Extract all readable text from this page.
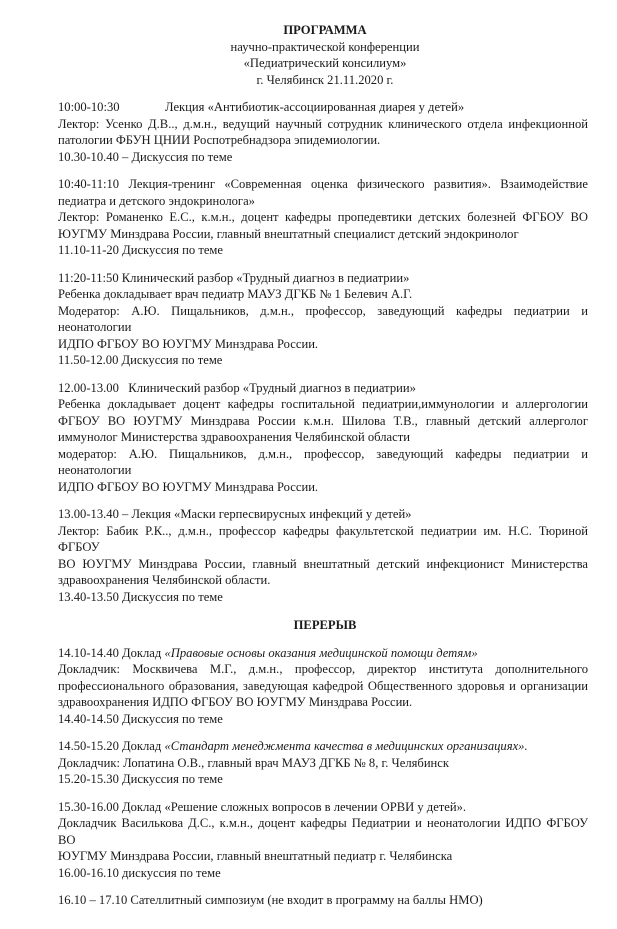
ПРОГРАММА
научно-практической конференции
«Педиатрический консилиум»
г. Челябинск 21.11.2020 г.
10:00-10:30	Лекция «Антибиотик-ассоциированная диарея у детей»
Лектор: Усенко Д.В.., д.м.н., ведущий научный сотрудник клинического отдела инфекционной
патологии ФБУН ЦНИИ Роспотребнадзора эпидемиологии.
10.30-10.40 – Дискуссия по теме
10:40-11:10 Лекция-тренинг «Современная оценка физического развития». Взаимодействие
педиатра и детского эндокринолога»
Лектор: Романенко Е.С., к.м.н., доцент кафедры пропедевтики детских болезней ФГБОУ ВО
ЮУГМУ Минздрава России, главный внештатный специалист детский эндокринолог
11.10-11-20 Дискуссия по теме
11:20-11:50 Клинический разбор «Трудный диагноз в педиатрии»
Ребенка докладывает врач педиатр МАУЗ ДГКБ № 1 Белевич А.Г.
Модератор: А.Ю. Пищальников, д.м.н., профессор, заведующий кафедры педиатрии и неонатологии
ИДПО ФГБОУ ВО ЮУГМУ Минздрава России.
11.50-12.00 Дискуссия по теме
12.00-13.00   Клинический разбор «Трудный диагноз в педиатрии»
Ребенка докладывает доцент кафедры госпитальной педиатрии,иммунологии и аллергологии
ФГБОУ ВО ЮУГМУ Минздрава России к.м.н. Шилова Т.В., главный детский аллерголог
иммунолог Министерства здравоохранения Челябинской области
модератор: А.Ю. Пищальников, д.м.н., профессор, заведующий кафедры педиатрии и неонатологии
ИДПО ФГБОУ ВО ЮУГМУ Минздрава России.
13.00-13.40 – Лекция «Маски герпесвирусных инфекций у детей»
Лектор: Бабик Р.К.., д.м.н., профессор кафедры факультетской педиатрии им. Н.С. Тюриной ФГБОУ
ВО ЮУГМУ Минздрава России, главный внештатный детский инфекционист Министерства
здравоохранения Челябинской области.
13.40-13.50 Дискуссия по теме
ПЕРЕРЫВ
14.10-14.40 Доклад «Правовые основы оказания медицинской помощи детям»
Докладчик: Москвичева М.Г., д.м.н., профессор, директор института дополнительного
профессионального образования, заведующая кафедрой Общественного здоровья и организации
здравоохранения ИДПО ФГБОУ ВО ЮУГМУ Минздрава России.
14.40-14.50 Дискуссия по теме
14.50-15.20 Доклад «Стандарт менеджмента качества в медицинских организациях».
Докладчик: Лопатина О.В., главный врач МАУЗ ДГКБ № 8, г. Челябинск
15.20-15.30 Дискуссия по теме
15.30-16.00 Доклад «Решение сложных вопросов в лечении ОРВИ у детей».
Докладчик Василькова Д.С., к.м.н., доцент кафедры Педиатрии и неонатологии ИДПО ФГБОУ ВО
ЮУГМУ Минздрава России, главный внештатный педиатр г. Челябинска
16.00-16.10 дискуссия по теме
16.10 – 17.10 Сателлитный симпозиум (не входит в программу на баллы НМО)
